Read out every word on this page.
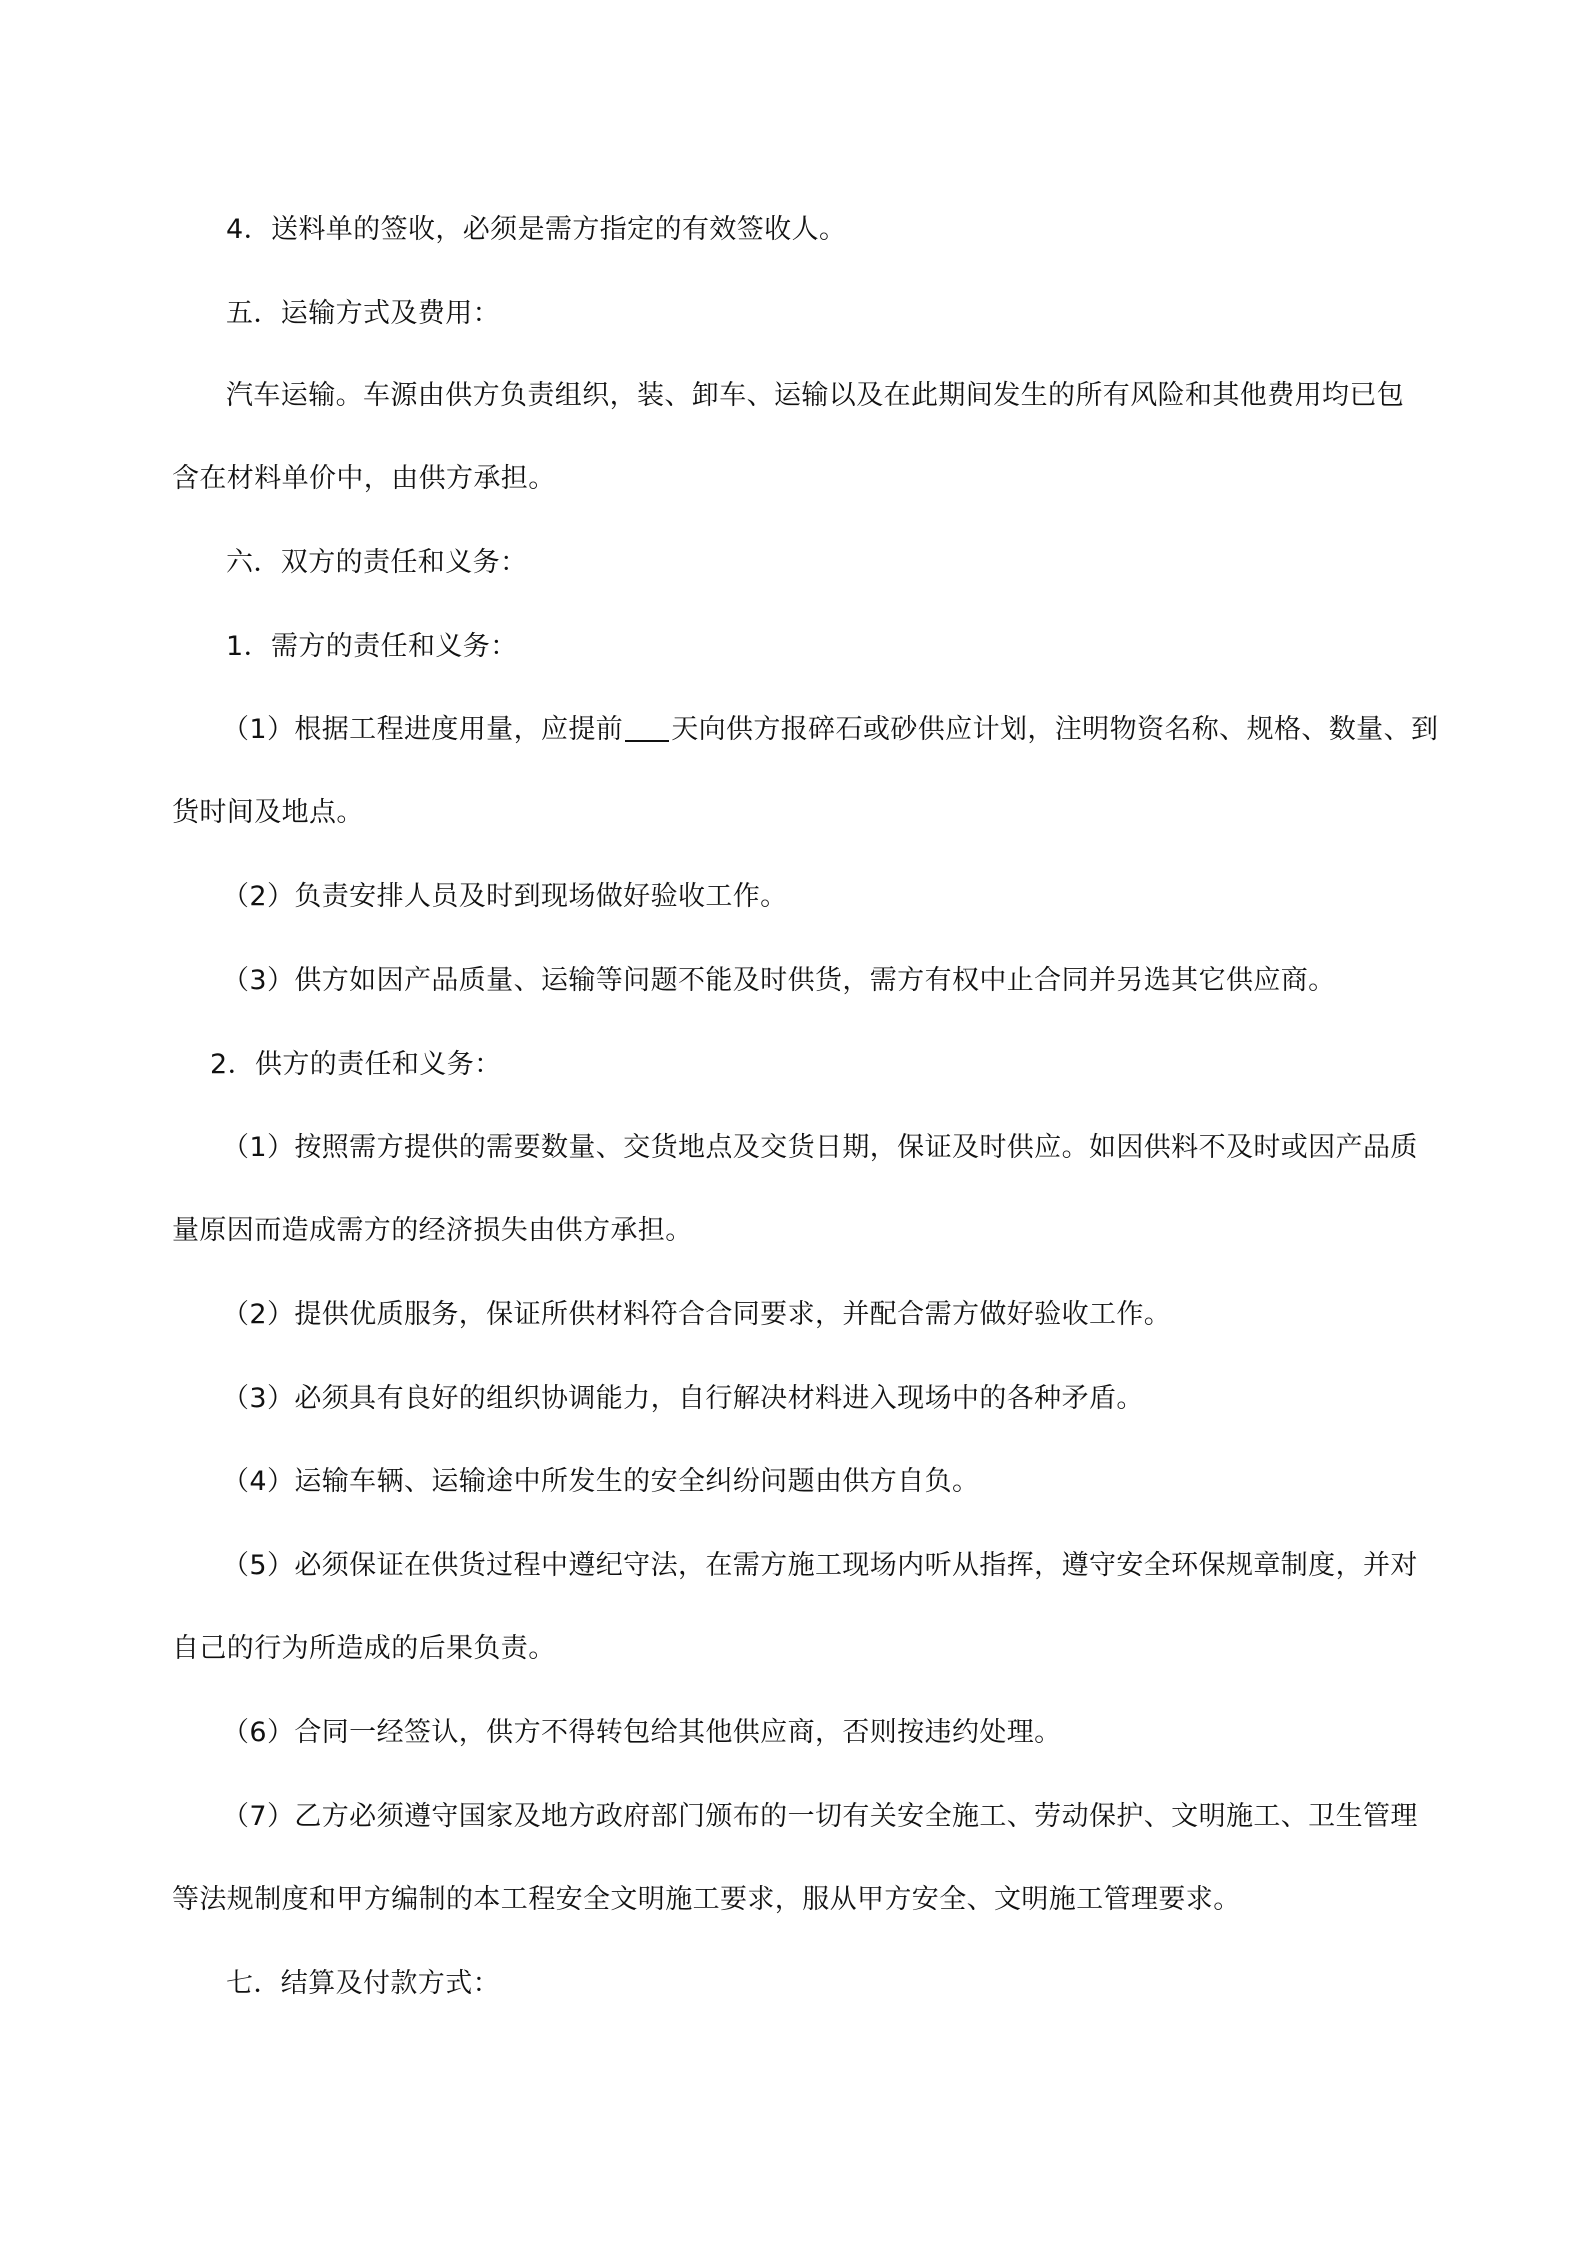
4．送料单的签收，必须是需方指定的有效签收人。
五．运输方式及费用：
汽车运输。车源由供方负责组织，装、卸车、运输以及在此期间发生的所有风险和其他费用均已包
含在材料单价中，由供方承担。
六．双方的责任和义务：
1．需方的责任和义务：
（1）根据工程进度用量，应提前 天向供方报碎石或砂供应计划，注明物资名称、规格、数量、到
货时间及地点。
（2）负责安排人员及时到现场做好验收工作。
（3）供方如因产品质量、运输等问题不能及时供货，需方有权中止合同并另选其它供应商。
2．供方的责任和义务：
（1）按照需方提供的需要数量、交货地点及交货日期，保证及时供应。如因供料不及时或因产品质
量原因而造成需方的经济损失由供方承担。
（2）提供优质服务，保证所供材料符合合同要求，并配合需方做好验收工作。
（3）必须具有良好的组织协调能力，自行解决材料进入现场中的各种矛盾。
（4）运输车辆、运输途中所发生的安全纠纷问题由供方自负。
（5）必须保证在供货过程中遵纪守法，在需方施工现场内听从指挥，遵守安全环保规章制度，并对
自己的行为所造成的后果负责。
（6）合同一经签认，供方不得转包给其他供应商，否则按违约处理。
（7）乙方必须遵守国家及地方政府部门颁布的一切有关安全施工、劳动保护、文明施工、卫生管理
等法规制度和甲方编制的本工程安全文明施工要求，服从甲方安全、文明施工管理要求。
七．结算及付款方式：
